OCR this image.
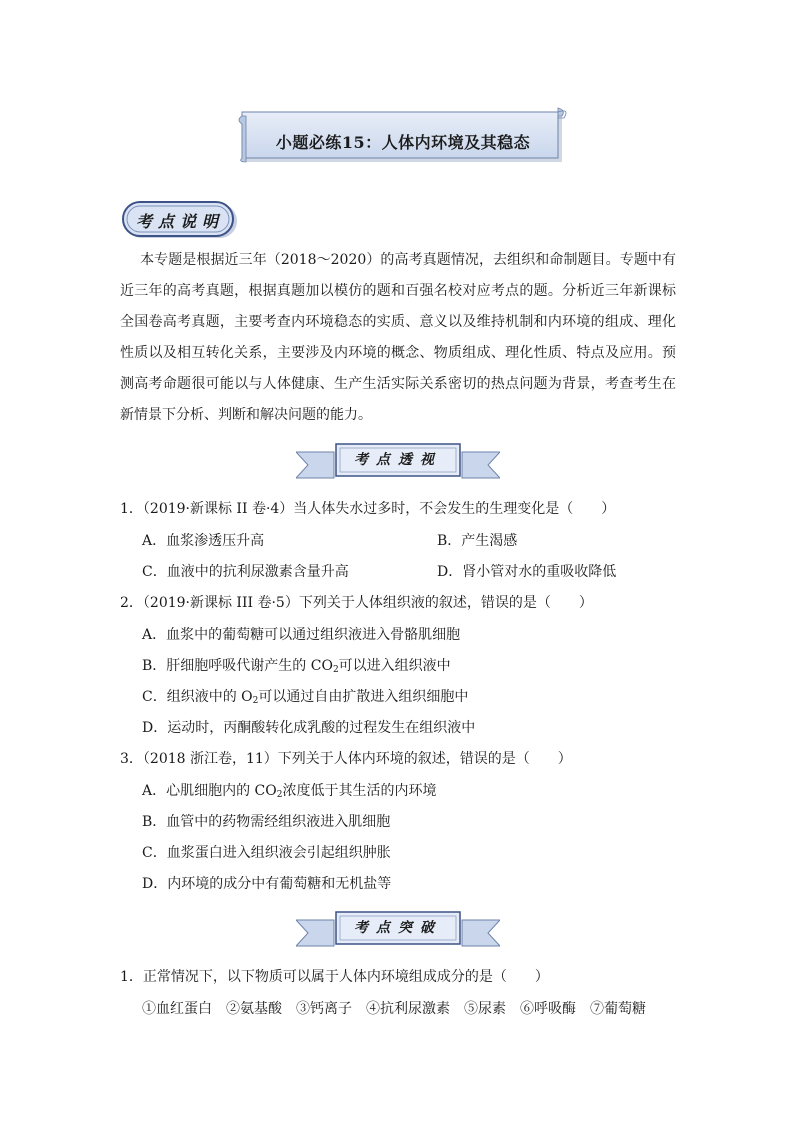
小题必练15：人体内环境及其稳态
考点说明
本专题是根据近三年（2018～2020）的高考真题情况，去组织和命制题目。专题中有近三年的高考真题，根据真题加以模仿的题和百强名校对应考点的题。分析近三年新课标全国卷高考真题，主要考查内环境稳态的实质、意义以及维持机制和内环境的组成、理化性质以及相互转化关系，主要涉及内环境的概念、物质组成、理化性质、特点及应用。预测高考命题很可能以与人体健康、生产生活实际关系密切的热点问题为背景，考查考生在新情景下分析、判断和解决问题的能力。
考点透视
1．（2019·新课标 II 卷·4）当人体失水过多时，不会发生的生理变化是（　　）
A．血浆渗透压升高	B．产生渴感
C．血液中的抗利尿激素含量升高	D．肾小管对水的重吸收降低
2．（2019·新课标 III 卷·5）下列关于人体组织液的叙述，错误的是（　　）
A．血浆中的葡萄糖可以通过组织液进入骨骼肌细胞
B．肝细胞呼吸代谢产生的 $CO_2$可以进入组织液中
C．组织液中的 $O_2$可以通过自由扩散进入组织细胞中
D．运动时，丙酮酸转化成乳酸的过程发生在组织液中
3．（2018 浙江卷，11）下列关于人体内环境的叙述，错误的是（　　）
A．心肌细胞内的 $CO_2$浓度低于其生活的内环境
B．血管中的药物需经组织液进入肌细胞
C．血浆蛋白进入组织液会引起组织肿胀
D．内环境的成分中有葡萄糖和无机盐等
考点突破
1．正常情况下，以下物质可以属于人体内环境组成成分的是（　　）
①血红蛋白　②氨基酸　③钙离子　④抗利尿激素　⑤尿素　⑥呼吸酶　⑦葡萄糖
